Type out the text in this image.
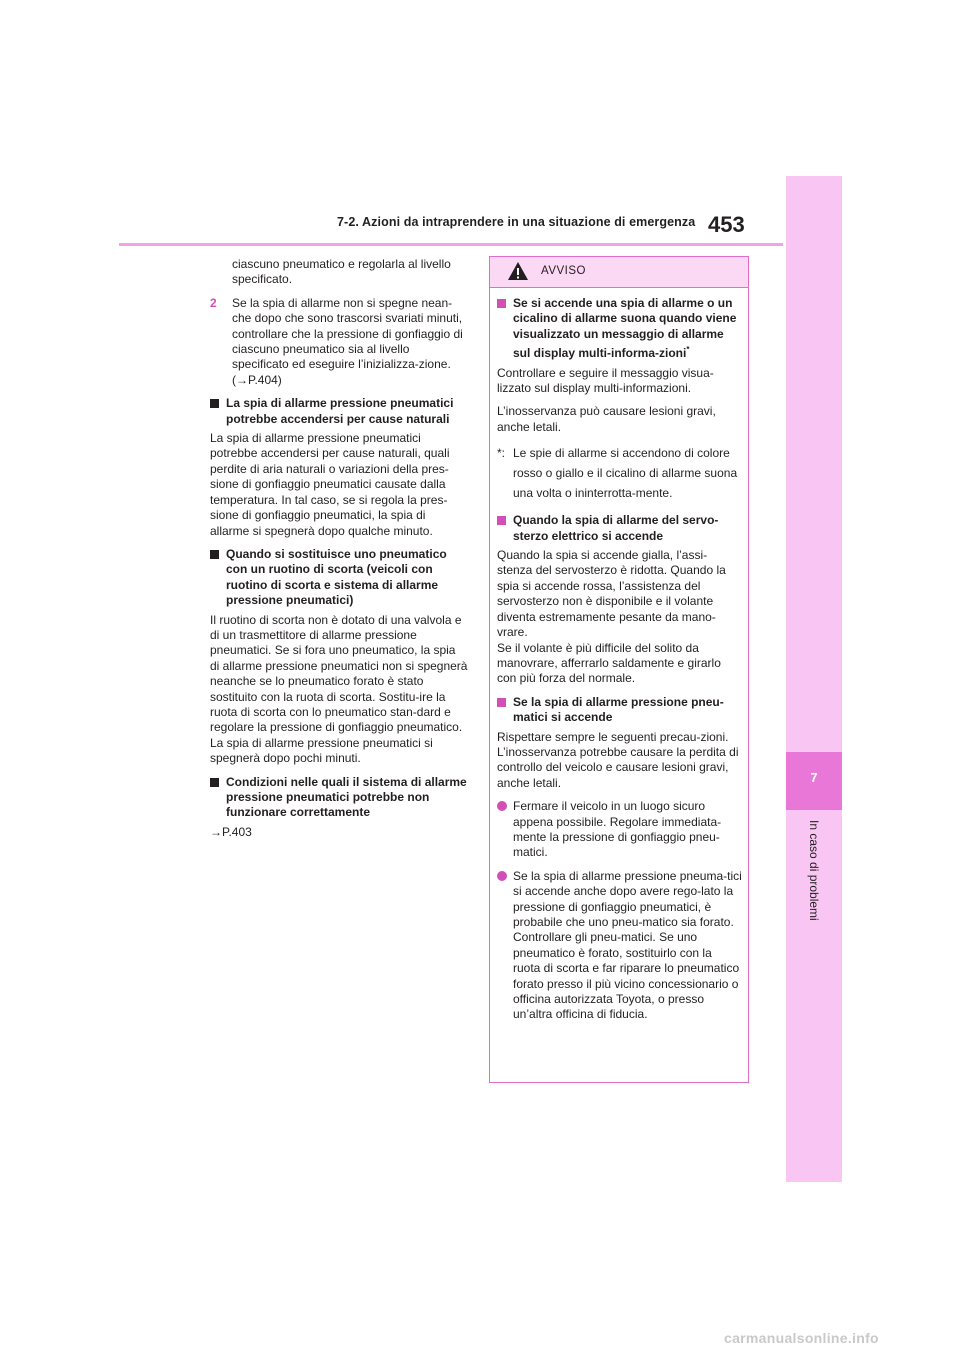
7-2. Azioni da intraprendere in una situazione di emergenza 453
7
In caso di problemi

ciascuno pneumatico e regolarla al livello specificato.

2 Se la spia di allarme non si spegne nean-che dopo che sono trascorsi svariati minuti, controllare che la pressione di gonfiaggio di ciascuno pneumatico sia al livello specificato ed eseguire l’inizializza-zione. (→P.404)
La spia di allarme pressione pneumatici potrebbe accendersi per cause naturali

La spia di allarme pressione pneumatici potrebbe accendersi per cause naturali, quali perdite di aria naturali o variazioni della pres-sione di gonfiaggio pneumatici causate dalla temperatura. In tal caso, se si regola la pres-sione di gonfiaggio pneumatici, la spia di allarme si spegnerà dopo qualche minuto.

Quando si sostituisce uno pneumatico con un ruotino di scorta (veicoli con ruotino di scorta e sistema di allarme pressione pneumatici)

Il ruotino di scorta non è dotato di una valvola e di un trasmettitore di allarme pressione pneumatici. Se si fora uno pneumatico, la spia di allarme pressione pneumatici non si spegnerà neanche se lo pneumatico forato è stato sostituito con la ruota di scorta. Sostitu-ire la ruota di scorta con lo pneumatico stan-dard e regolare la pressione di gonfiaggio pneumatico. La spia di allarme pressione pneumatici si spegnerà dopo pochi minuti.

Condizioni nelle quali il sistema di allarme pressione pneumatici potrebbe non funzionare correttamente

→P.403

AVVISO
Se si accende una spia di allarme o un cicalino di allarme suona quando viene visualizzato un messaggio di allarme sul display multi-informa-zioni*

Controllare e seguire il messaggio visua-lizzato sul display multi-informazioni.

L’inosservanza può causare lesioni gravi, anche letali.

*: Le spie di allarme si accendono di colore rosso o giallo e il cicalino di allarme suona una volta o ininterrotta-mente.
Quando la spia di allarme del servo-sterzo elettrico si accende

Quando la spia si accende gialla, l’assi-stenza del servosterzo è ridotta. Quando la spia si accende rossa, l’assistenza del servosterzo non è disponibile e il volante diventa estremamente pesante da mano-vrare.

Se il volante è più difficile del solito da manovrare, afferrarlo saldamente e girarlo con più forza del normale.

Se la spia di allarme pressione pneu-matici si accende

Rispettare sempre le seguenti precau-zioni. L’inosservanza potrebbe causare la perdita di controllo del veicolo e causare lesioni gravi, anche letali.

Fermare il veicolo in un luogo sicuro appena possibile. Regolare immediata-mente la pressione di gonfiaggio pneu-matici.
Se la spia di allarme pressione pneuma-tici si accende anche dopo avere rego-lato la pressione di gonfiaggio pneumatici, è probabile che uno pneu-matico sia forato. Controllare gli pneu-matici. Se uno pneumatico è forato, sostituirlo con la ruota di scorta e far riparare lo pneumatico forato presso il più vicino concessionario o officina autorizzata Toyota, o presso un’altra officina di fiducia.
carmanualsonline.info
